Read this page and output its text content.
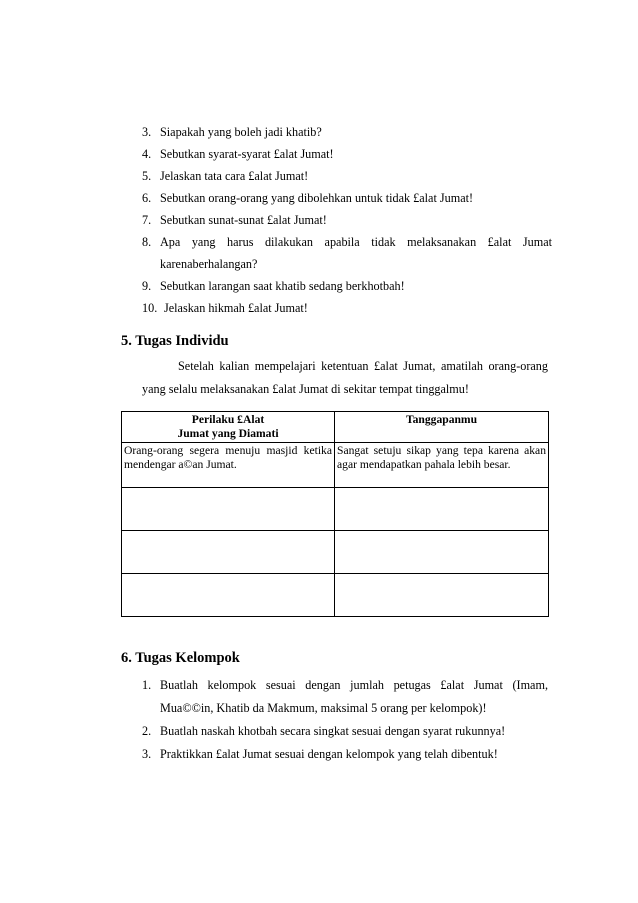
3. Siapakah yang boleh jadi khatib?
4. Sebutkan syarat-syarat £alat Jumat!
5. Jelaskan tata cara £alat Jumat!
6. Sebutkan orang-orang yang dibolehkan untuk tidak £alat Jumat!
7. Sebutkan sunat-sunat £alat Jumat!
8. Apa yang harus dilakukan apabila tidak melaksanakan £alat Jumat karenaberhalangan?
9. Sebutkan larangan saat khatib sedang berkhotbah!
10. Jelaskan hikmah £alat Jumat!
5. Tugas Individu

Setelah kalian mempelajari ketentuan £alat Jumat, amatilah orang-orang yang selalu melaksanakan £alat Jumat di sekitar tempat tinggalmu!

Perilaku £Alat
Jumat yang Diamati	Tanggapanmu
Orang-orang segera menuju masjid ketika mendengar a©an Jumat.	Sangat setuju sikap yang tepa karena akan agar mendapatkan pahala lebih besar.

6. Tugas Kelompok
1. Buatlah kelompok sesuai dengan jumlah petugas £alat Jumat (Imam, Mua©©in, Khatib da Makmum, maksimal 5 orang per kelompok)!
2. Buatlah naskah khotbah secara singkat sesuai dengan syarat rukunnya!
3. Praktikkan £alat Jumat sesuai dengan kelompok yang telah dibentuk!
